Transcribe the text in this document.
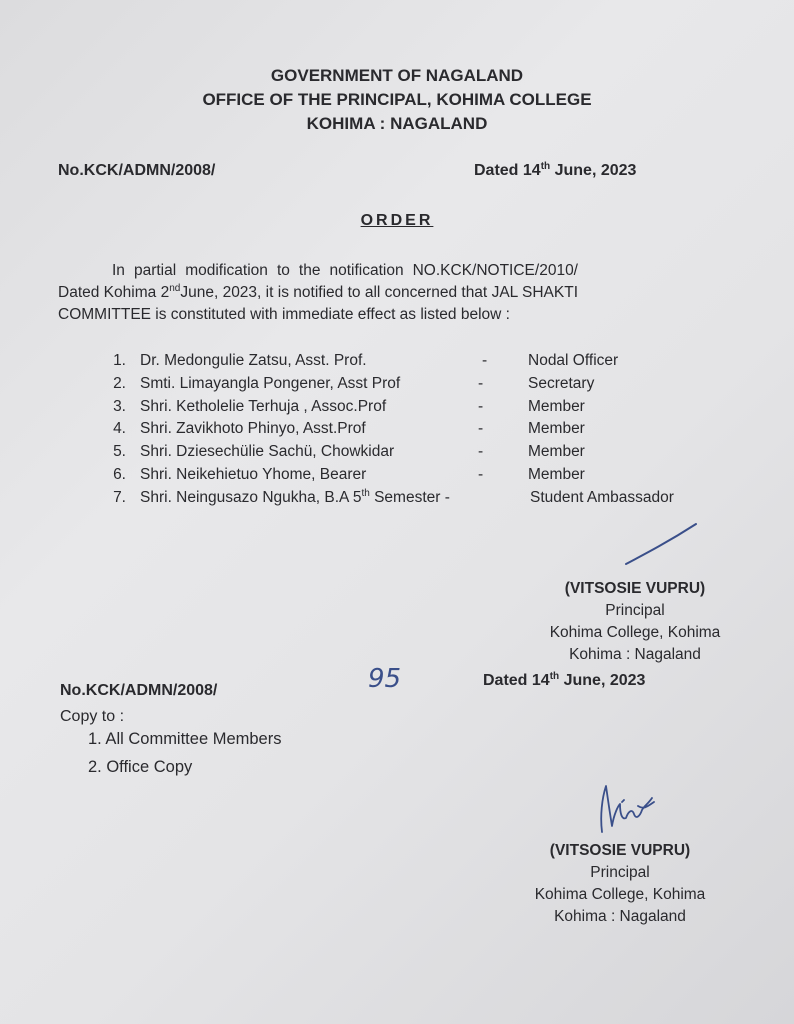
GOVERNMENT OF NAGALAND
OFFICE OF THE PRINCIPAL, KOHIMA COLLEGE
KOHIMA : NAGALAND
No.KCK/ADMN/2008/	Dated 14th June, 2023
ORDER
In partial modification to the notification NO.KCK/NOTICE/2010/
Dated Kohima 2ndJune, 2023, it is notified to all concerned that JAL SHAKTI
COMMITTEE is constituted with immediate effect as listed below :
1. Dr. Medongulie Zatsu, Asst. Prof.	-	Nodal Officer
2. Smti. Limayangla Pongener, Asst Prof	-	Secretary
3. Shri. Ketholelie Terhuja , Assoc.Prof	-	Member
4. Shri. Zavikhoto Phinyo, Asst.Prof	-	Member
5. Shri. Dziesechülie Sachü, Chowkidar	-	Member
6. Shri. Neikehietuo Yhome, Bearer	-	Member
7. Shri. Neingusazo Ngukha, B.A 5th Semester -	Student Ambassador
(VITSOSIE VUPRU)
Principal
Kohima College, Kohima
Kohima : Nagaland
No.KCK/ADMN/2008/	95	Dated 14th June, 2023
Copy to :
1. All Committee Members
2. Office Copy
(VITSOSIE VUPRU)
Principal
Kohima College, Kohima
Kohima : Nagaland
